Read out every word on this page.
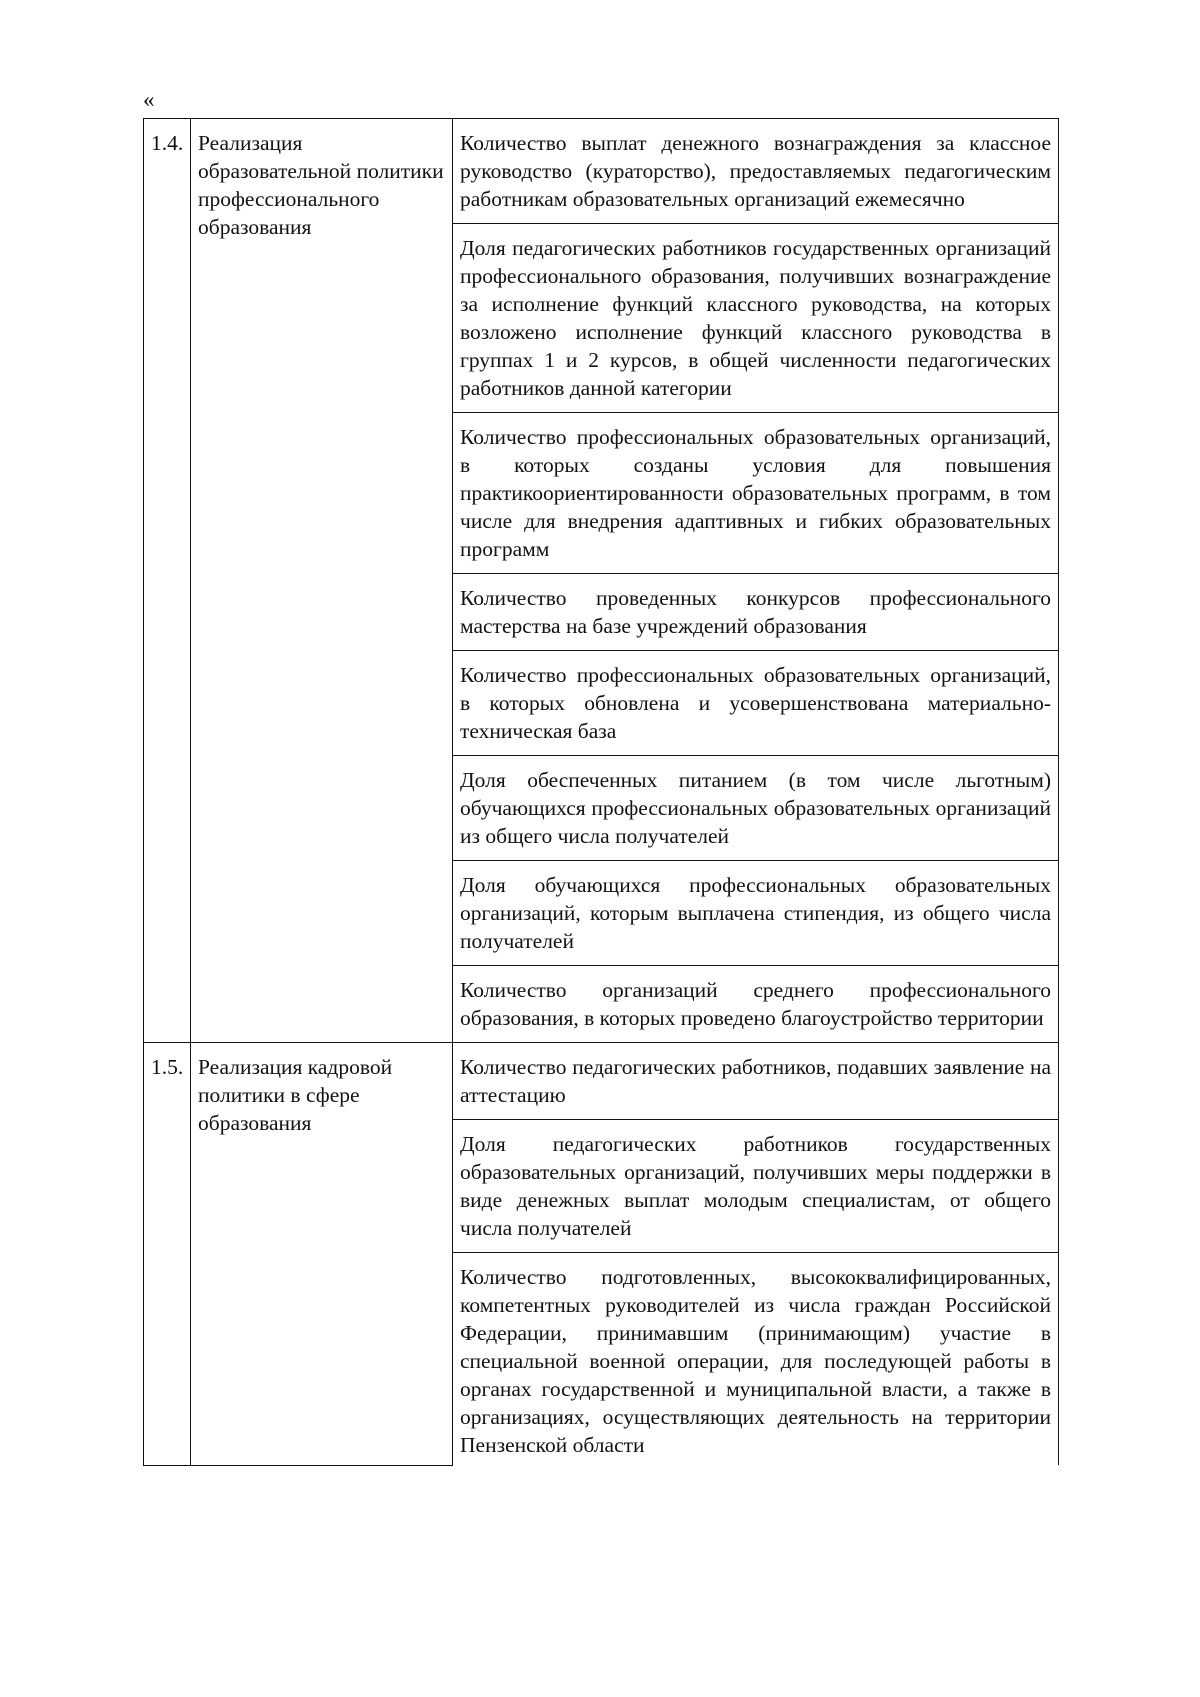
«
1.4.	Реализация образовательной политики профессионального образования	Количество выплат денежного вознаграждения за классное руководство (кураторство), предоставляемых педагогическим работникам образовательных организаций ежемесячно
		Доля педагогических работников государственных организаций профессионального образования, получивших вознаграждение за исполнение функций классного руководства, на которых возложено исполнение функций классного руководства в группах 1 и 2 курсов, в общей численности педагогических работников данной категории
		Количество профессиональных образовательных организаций, в которых созданы условия для повышения практикоориентированности образовательных программ, в том числе для внедрения адаптивных и гибких образовательных программ
		Количество проведенных конкурсов профессионального мастерства на базе учреждений образования
		Количество профессиональных образовательных организаций, в которых обновлена и усовершенствована материально-техническая база
		Доля обеспеченных питанием (в том числе льготным) обучающихся профессиональных образовательных организаций из общего числа получателей
		Доля обучающихся профессиональных образовательных организаций, которым выплачена стипендия, из общего числа получателей
		Количество организаций среднего профессионального образования, в которых проведено благоустройство территории
1.5.	Реализация кадровой политики в сфере образования	Количество педагогических работников, подавших заявление на аттестацию
		Доля педагогических работников государственных образовательных организаций, получивших меры поддержки в виде денежных выплат молодым специалистам, от общего числа получателей
		Количество подготовленных, высококвалифицированных, компетентных руководителей из числа граждан Российской Федерации, принимавшим (принимающим) участие в специальной военной операции, для последующей работы в органах государственной и муниципальной власти, а также в организациях, осуществляющих деятельность на территории Пензенской области
